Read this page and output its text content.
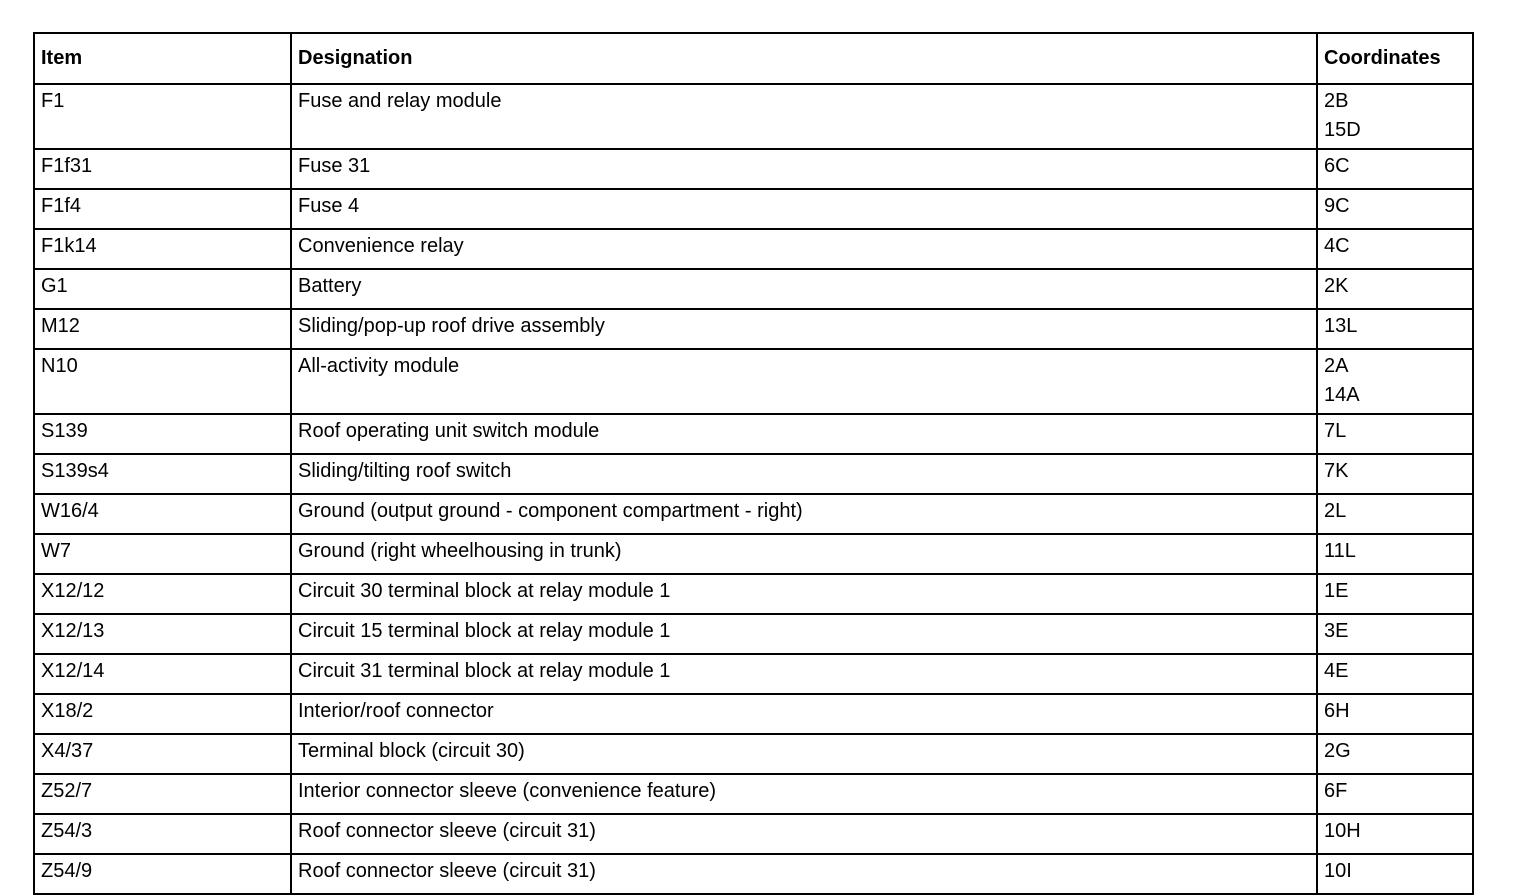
Item	Designation	Coordinates
F1	Fuse and relay module	2B
15D

F1f31	Fuse 31	6C

F1f4	Fuse 4	9C

F1k14	Convenience relay	4C

G1	Battery	2K

M12	Sliding/pop-up roof drive assembly	13L

N10	All-activity module	2A
14A

S139	Roof operating unit switch module	7L

S139s4	Sliding/tilting roof switch	7K

W16/4	Ground (output ground - component compartment - right)	2L

W7	Ground (right wheelhousing in trunk)	11L

X12/12	Circuit 30 terminal block at relay module 1	1E

X12/13	Circuit 15 terminal block at relay module 1	3E

X12/14	Circuit 31 terminal block at relay module 1	4E

X18/2	Interior/roof connector	6H

X4/37	Terminal block (circuit 30)	2G

Z52/7	Interior connector sleeve (convenience feature)	6F

Z54/3	Roof connector sleeve (circuit 31)	10H

Z54/9	Roof connector sleeve (circuit 31)	10I
